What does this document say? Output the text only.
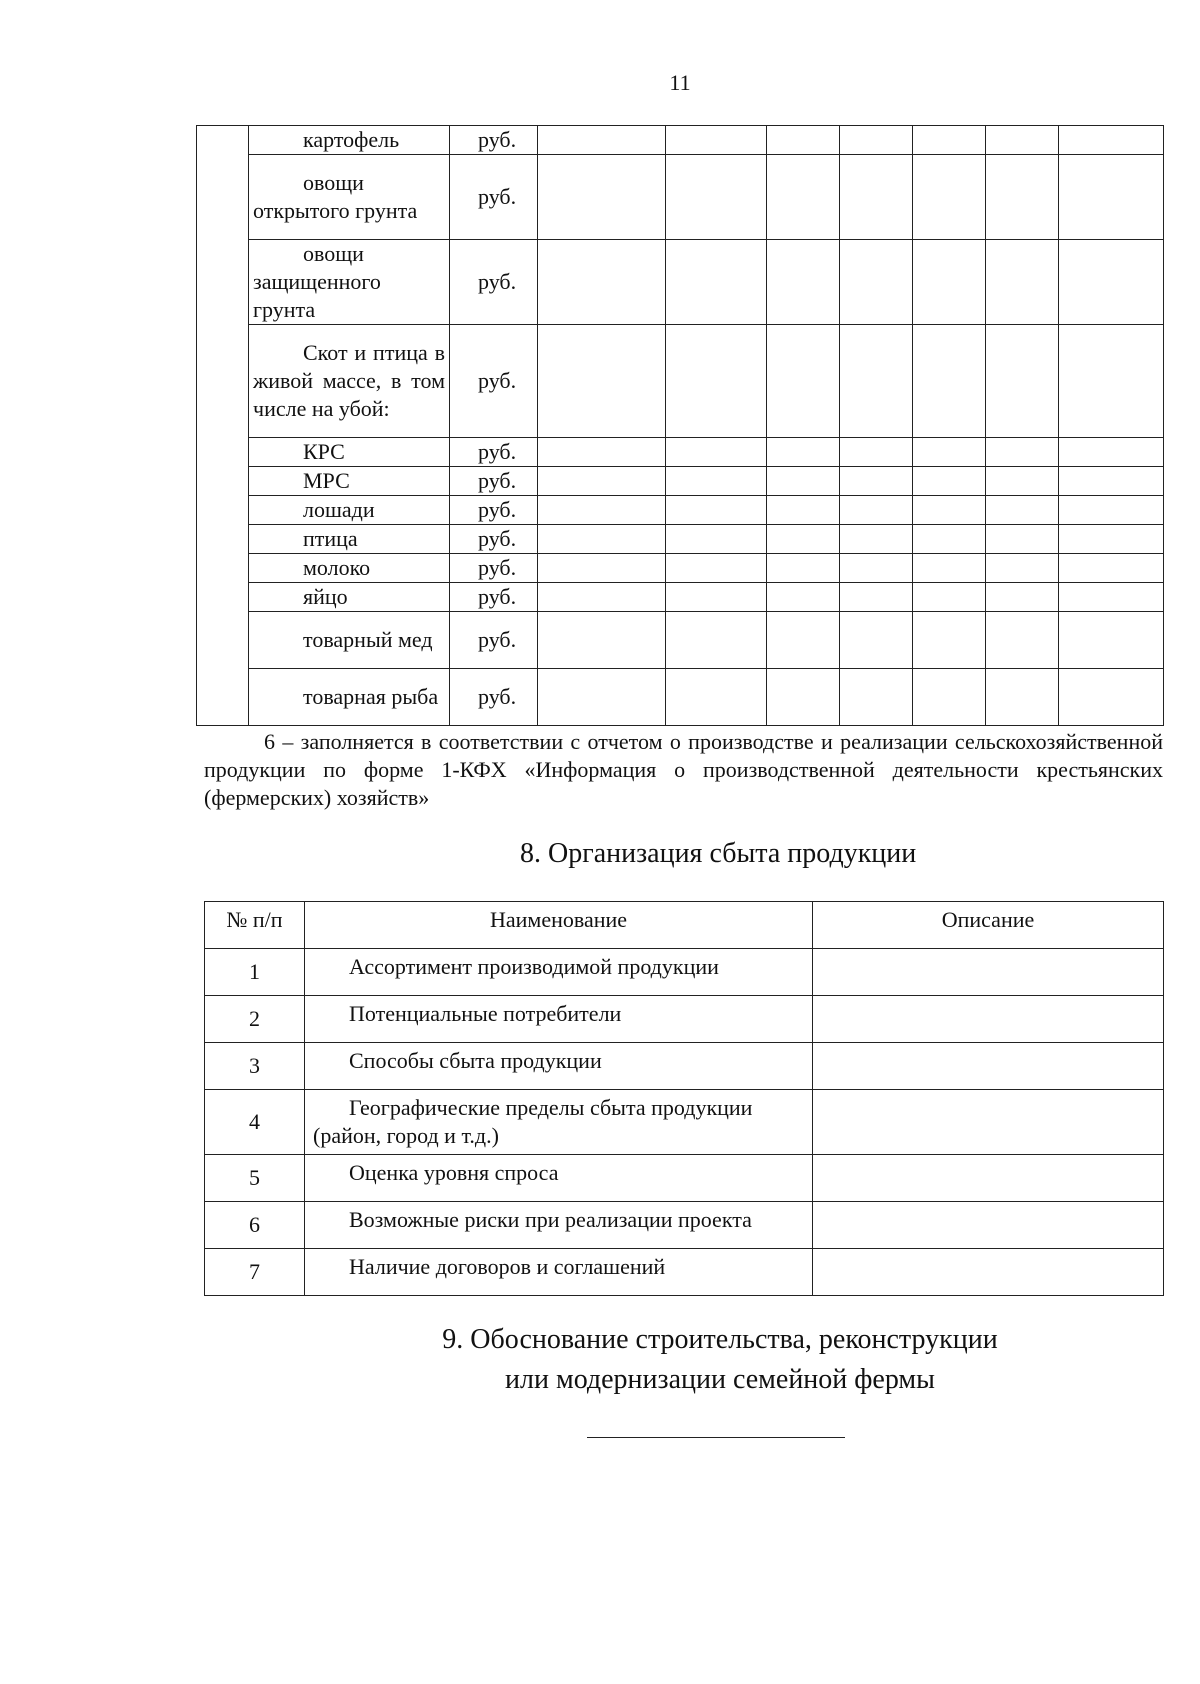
11
	картофель	руб.							
	овощи открытого грунта	руб.							
	овощи защищенного грунта	руб.							
	Скот и птица в живой массе, в том числе на убой:	руб.							
	КРС	руб.							
	МРС	руб.							
	лошади	руб.							
	птица	руб.							
	молоко	руб.							
	яйцо	руб.							
	товарный мед	руб.							
	товарная рыба	руб.							
6 – заполняется в соответствии с отчетом о производстве и реализации сельскохозяйственной продукции по форме 1-КФХ «Информация о производственной деятельности крестьянских (фермерских) хозяйств»
8. Организация сбыта продукции
№ п/п	Наименование	Описание
1	Ассортимент производимой продукции	
2	Потенциальные потребители	
3	Способы сбыта продукции	
4	Географические пределы сбыта продукции (район, город и т.д.)	
5	Оценка уровня спроса	
6	Возможные риски при реализации проекта	
7	Наличие договоров и соглашений	
9. Обоснование строительства, реконструкции
или модернизации семейной фермы
